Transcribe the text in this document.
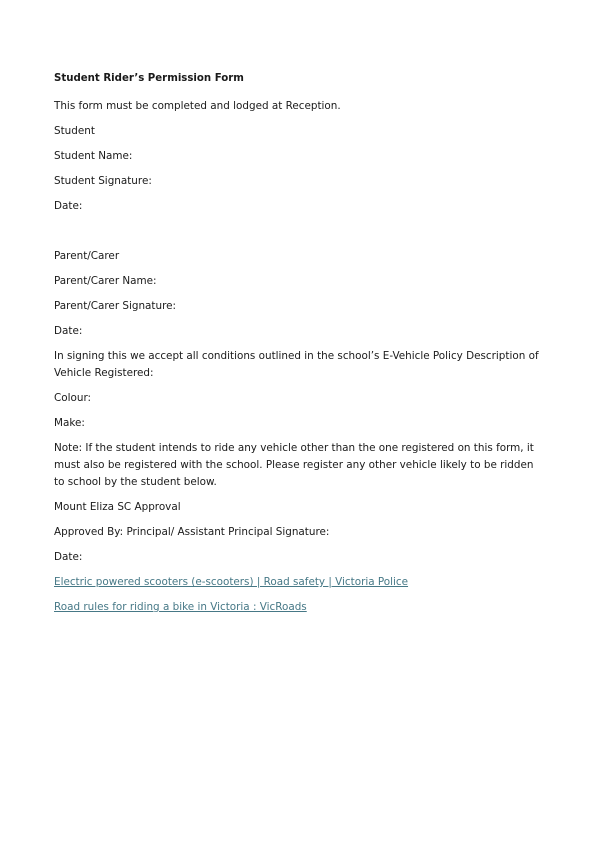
Student Rider’s Permission Form

This form must be completed and lodged at Reception.

Student

Student Name:

Student Signature:

Date:

Parent/Carer

Parent/Carer Name:

Parent/Carer Signature:

Date:

In signing this we accept all conditions outlined in the school’s E-Vehicle Policy Description of Vehicle Registered:

Colour:

Make:

Note: If the student intends to ride any vehicle other than the one registered on this form, it must also be registered with the school. Please register any other vehicle likely to be ridden to school by the student below.

Mount Eliza SC Approval

Approved By: Principal/ Assistant Principal Signature:

Date:

Electric powered scooters (e-scooters) | Road safety | Victoria Police

Road rules for riding a bike in Victoria : VicRoads
